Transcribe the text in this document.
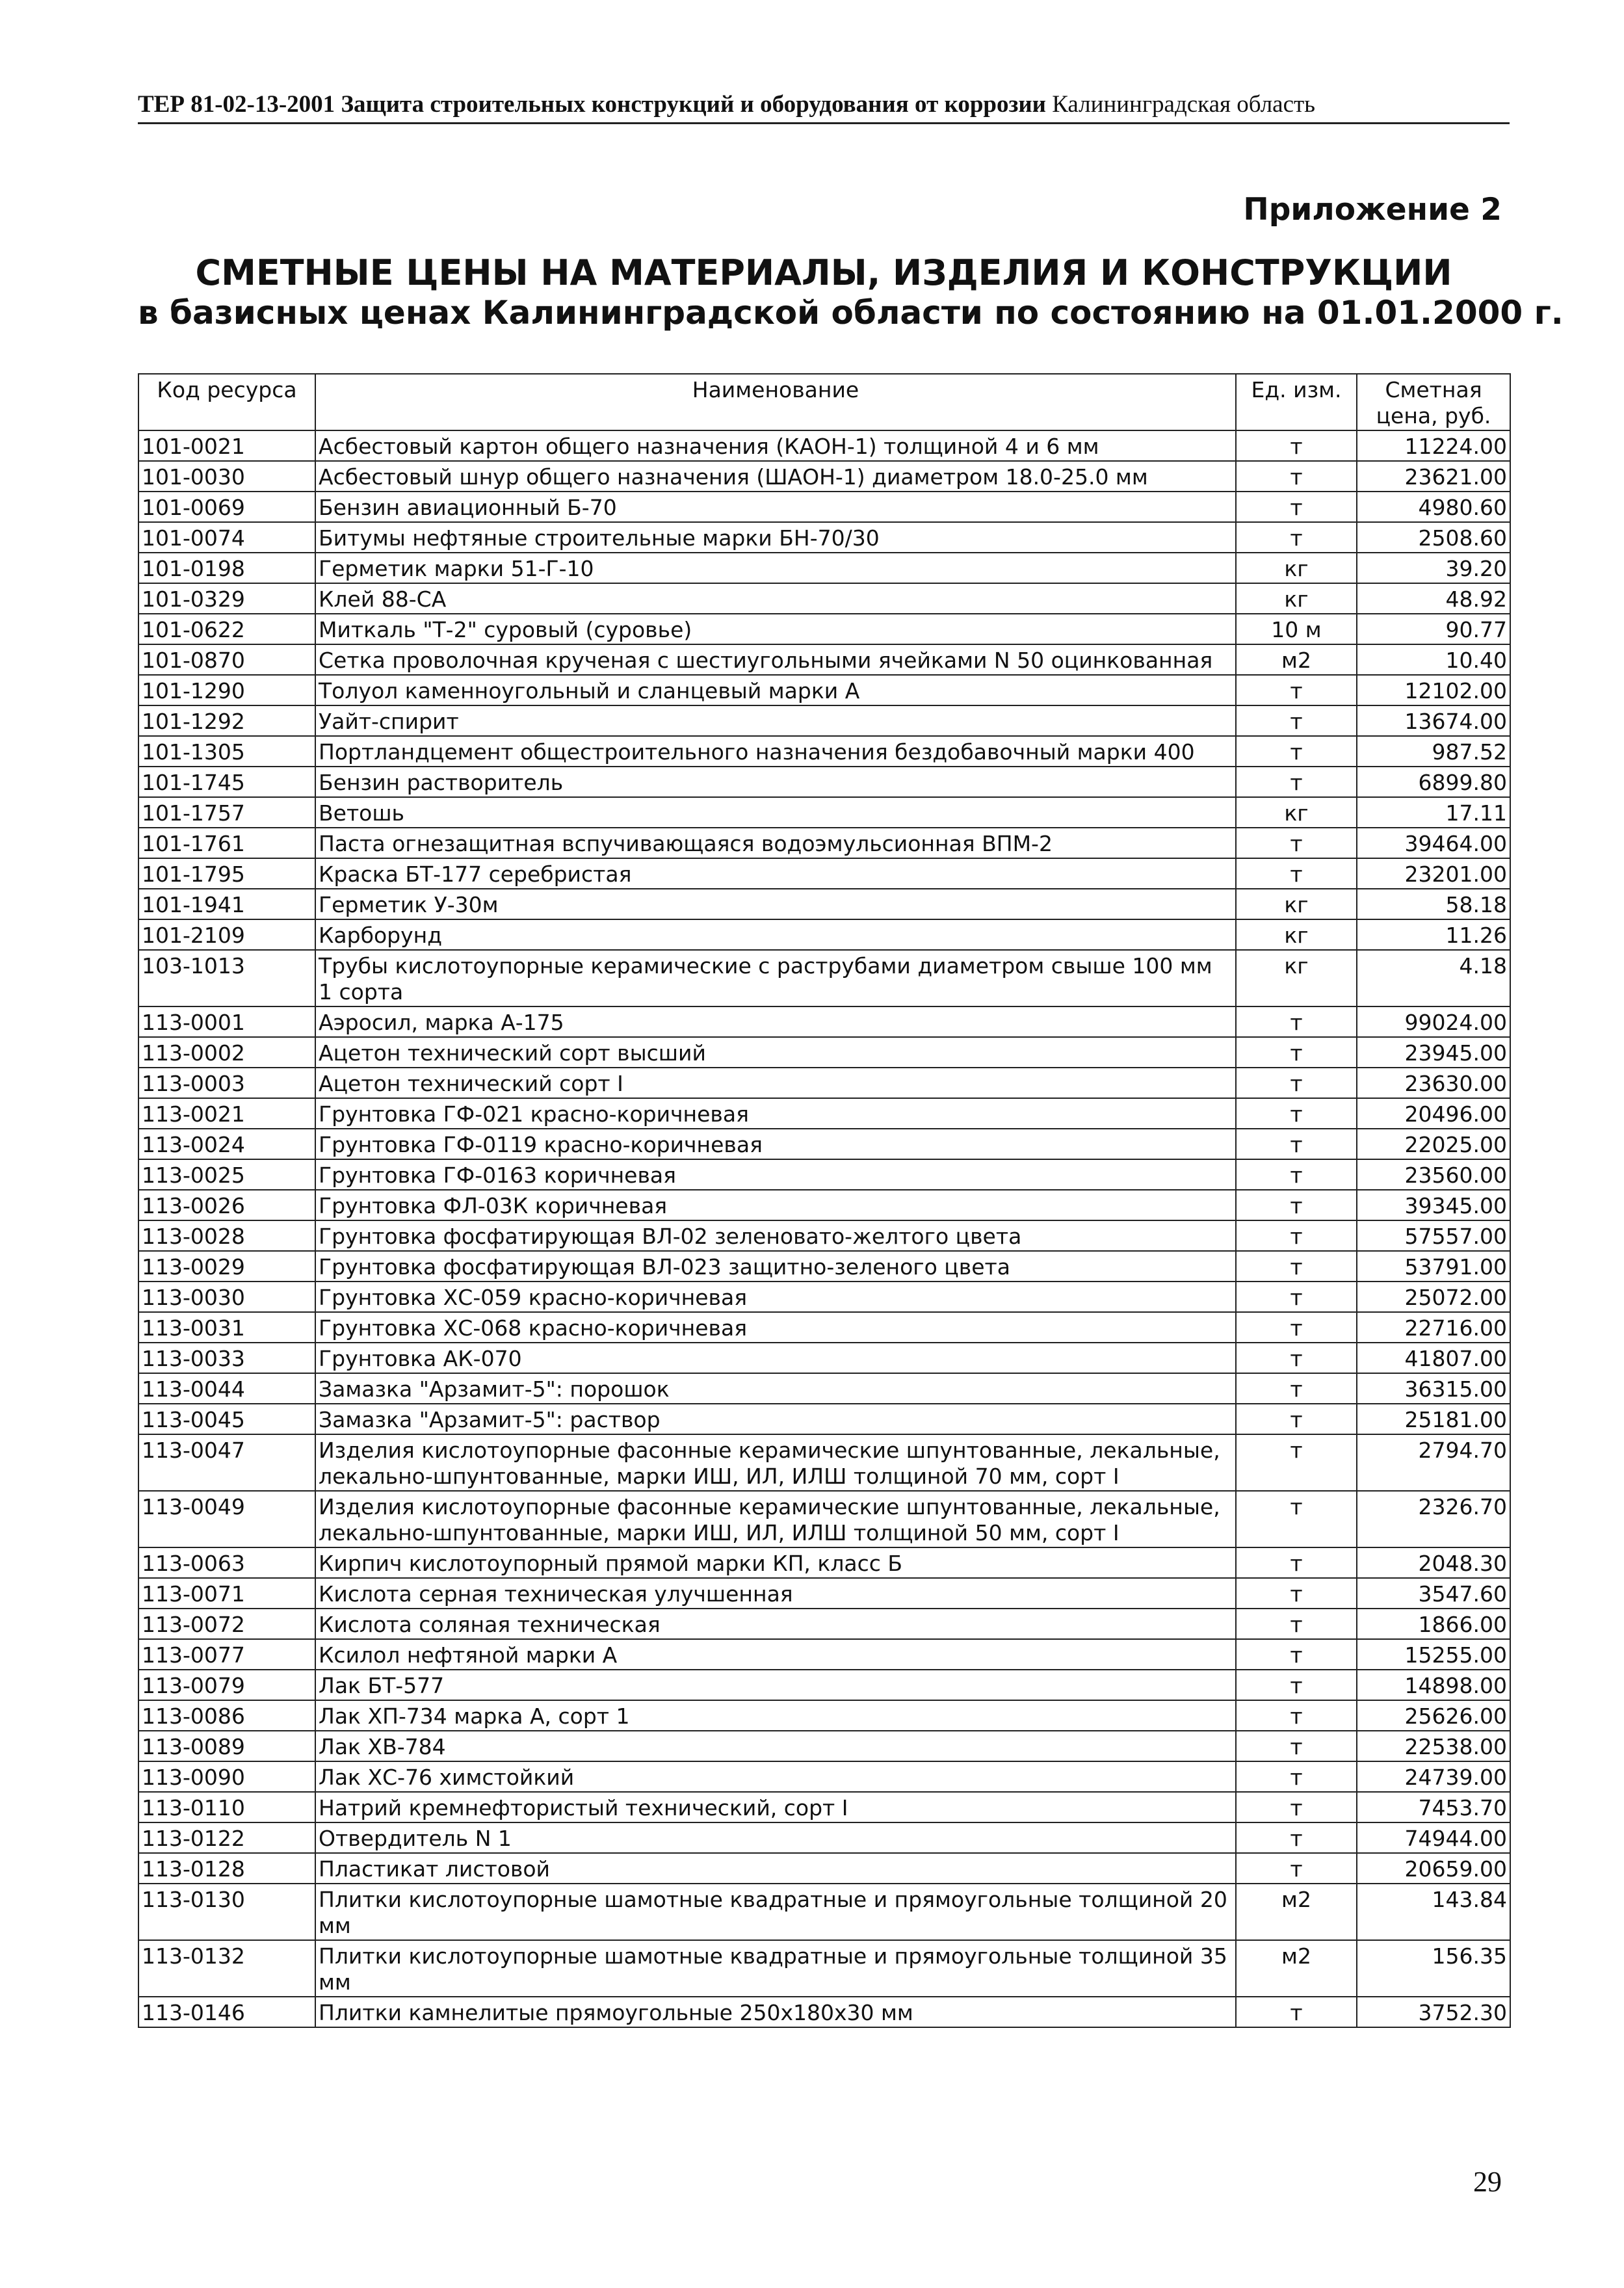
ТЕР 81-02-13-2001 Защита строительных конструкций и оборудования от коррозии Калининградская область
Приложение 2
СМЕТНЫЕ ЦЕНЫ НА МАТЕРИАЛЫ, ИЗДЕЛИЯ И КОНСТРУКЦИИ
в базисных ценах Калининградской области по состоянию на 01.01.2000 г.
Код ресурса	Наименование	Ед. изм.	Сметная цена, руб.
101-0021	Асбестовый картон общего назначения (КАОН-1) толщиной 4 и 6 мм	т	11224.00
101-0030	Асбестовый шнур общего назначения (ШАОН-1) диаметром 18.0-25.0 мм	т	23621.00
101-0069	Бензин авиационный Б-70	т	4980.60
101-0074	Битумы нефтяные строительные марки БН-70/30	т	2508.60
101-0198	Герметик марки 51-Г-10	кг	39.20
101-0329	Клей 88-СА	кг	48.92
101-0622	Миткаль "Т-2" суровый (суровье)	10 м	90.77
101-0870	Сетка проволочная крученая с шестиугольными ячейками N 50 оцинкованная	м2	10.40
101-1290	Толуол каменноугольный и сланцевый марки А	т	12102.00
101-1292	Уайт-спирит	т	13674.00
101-1305	Портландцемент общестроительного назначения бездобавочный марки 400	т	987.52
101-1745	Бензин растворитель	т	6899.80
101-1757	Ветошь	кг	17.11
101-1761	Паста огнезащитная вспучивающаяся водоэмульсионная ВПМ-2	т	39464.00
101-1795	Краска БТ-177 серебристая	т	23201.00
101-1941	Герметик У-30м	кг	58.18
101-2109	Карборунд	кг	11.26
103-1013	Трубы кислотоупорные керамические с раструбами диаметром свыше 100 мм 1 сорта	кг	4.18
113-0001	Аэросил, марка А-175	т	99024.00
113-0002	Ацетон технический сорт высший	т	23945.00
113-0003	Ацетон технический сорт I	т	23630.00
113-0021	Грунтовка ГФ-021 красно-коричневая	т	20496.00
113-0024	Грунтовка ГФ-0119 красно-коричневая	т	22025.00
113-0025	Грунтовка ГФ-0163 коричневая	т	23560.00
113-0026	Грунтовка ФЛ-03К коричневая	т	39345.00
113-0028	Грунтовка фосфатирующая ВЛ-02 зеленовато-желтого цвета	т	57557.00
113-0029	Грунтовка фосфатирующая ВЛ-023 защитно-зеленого цвета	т	53791.00
113-0030	Грунтовка ХС-059 красно-коричневая	т	25072.00
113-0031	Грунтовка ХС-068 красно-коричневая	т	22716.00
113-0033	Грунтовка АК-070	т	41807.00
113-0044	Замазка "Арзамит-5": порошок	т	36315.00
113-0045	Замазка "Арзамит-5": раствор	т	25181.00
113-0047	Изделия кислотоупорные фасонные керамические шпунтованные, лекальные, лекально-шпунтованные, марки ИШ, ИЛ, ИЛШ толщиной 70 мм, сорт I	т	2794.70
113-0049	Изделия кислотоупорные фасонные керамические шпунтованные, лекальные, лекально-шпунтованные, марки ИШ, ИЛ, ИЛШ толщиной 50 мм, сорт I	т	2326.70
113-0063	Кирпич кислотоупорный прямой марки КП, класс Б	т	2048.30
113-0071	Кислота серная техническая улучшенная	т	3547.60
113-0072	Кислота соляная техническая	т	1866.00
113-0077	Ксилол нефтяной марки А	т	15255.00
113-0079	Лак БТ-577	т	14898.00
113-0086	Лак ХП-734 марка А, сорт 1	т	25626.00
113-0089	Лак ХВ-784	т	22538.00
113-0090	Лак ХС-76 химстойкий	т	24739.00
113-0110	Натрий кремнефтористый технический, сорт I	т	7453.70
113-0122	Отвердитель N 1	т	74944.00
113-0128	Пластикат листовой	т	20659.00
113-0130	Плитки кислотоупорные шамотные квадратные и прямоугольные толщиной 20 мм	м2	143.84
113-0132	Плитки кислотоупорные шамотные квадратные и прямоугольные толщиной 35 мм	м2	156.35
113-0146	Плитки камнелитые прямоугольные 250х180х30 мм	т	3752.30
29
